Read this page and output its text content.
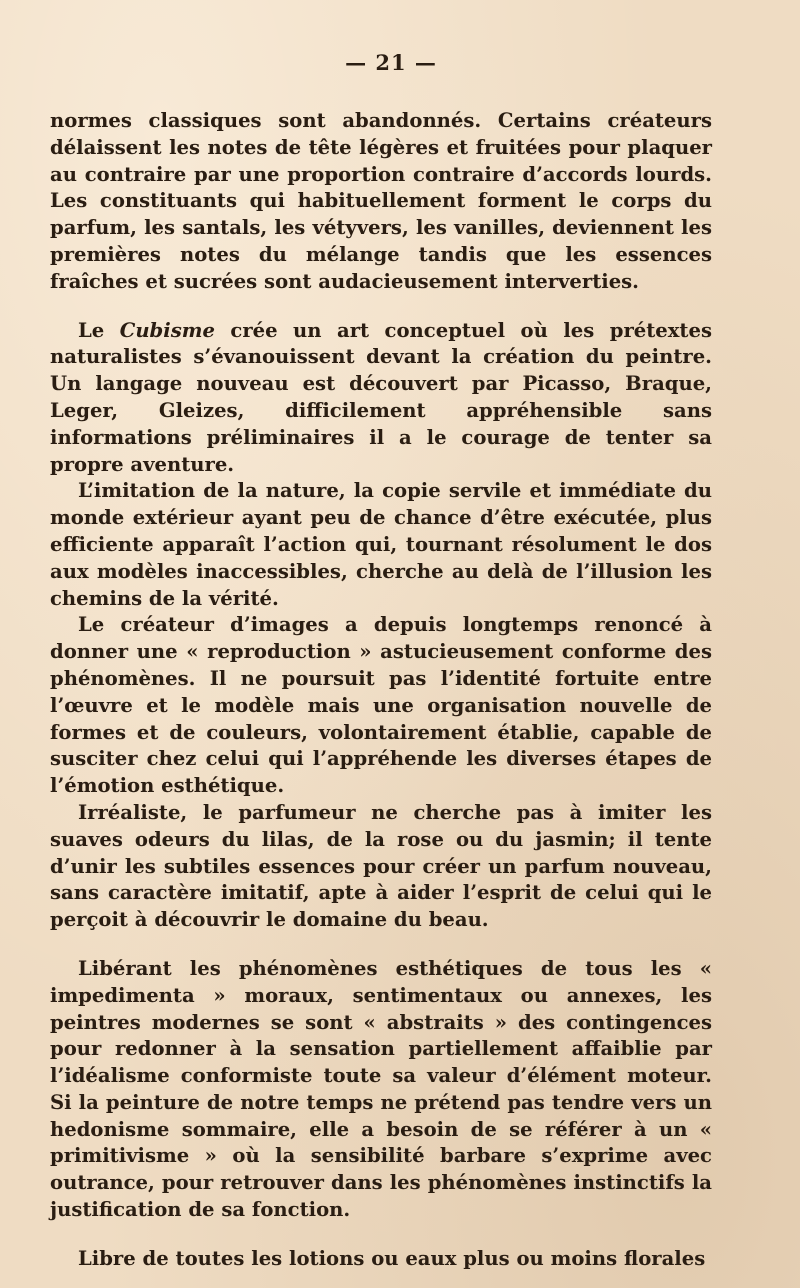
— 21 —

normes classiques sont abandonnés. Certains créateurs délaissent les notes de tête légères et fruitées pour plaquer au contraire par une proportion contraire d’accords lourds. Les constituants qui habituellement forment le corps du parfum, les santals, les vétyvers, les vanilles, deviennent les premières notes du mélange tandis que les essences fraîches et sucrées sont audacieusement interverties.

Le Cubisme crée un art conceptuel où les prétextes naturalistes s’évanouissent devant la création du peintre. Un langage nouveau est découvert par Picasso, Braque, Leger, Gleizes, difficilement appréhensible sans informations préliminaires il a le courage de tenter sa propre aventure.

L’imitation de la nature, la copie servile et immédiate du monde extérieur ayant peu de chance d’être exécutée, plus efficiente apparaît l’action qui, tournant résolument le dos aux modèles inaccessibles, cherche au delà de l’illusion les chemins de la vérité.

Le créateur d’images a depuis longtemps renoncé à donner une « reproduction » astucieusement conforme des phénomènes. Il ne poursuit pas l’identité fortuite entre l’œuvre et le modèle mais une organisation nouvelle de formes et de couleurs, volontairement établie, capable de susciter chez celui qui l’appréhende les diverses étapes de l’émotion esthétique.

Irréaliste, le parfumeur ne cherche pas à imiter les suaves odeurs du lilas, de la rose ou du jasmin; il tente d’unir les subtiles essences pour créer un parfum nouveau, sans caractère imitatif, apte à aider l’esprit de celui qui le perçoit à découvrir le domaine du beau.

Libérant les phénomènes esthétiques de tous les « impedimenta » moraux, sentimentaux ou annexes, les peintres modernes se sont « abstraits » des contingences pour redonner à la sensation partiellement affaiblie par l’idéalisme conformiste toute sa valeur d’élément moteur. Si la peinture de notre temps ne prétend pas tendre vers un hedonisme sommaire, elle a besoin de se référer à un « primitivisme » où la sensibilité barbare s’exprime avec outrance, pour retrouver dans les phénomènes instinctifs la justification de sa fonction.

Libre de toutes les lotions ou eaux plus ou moins florales
